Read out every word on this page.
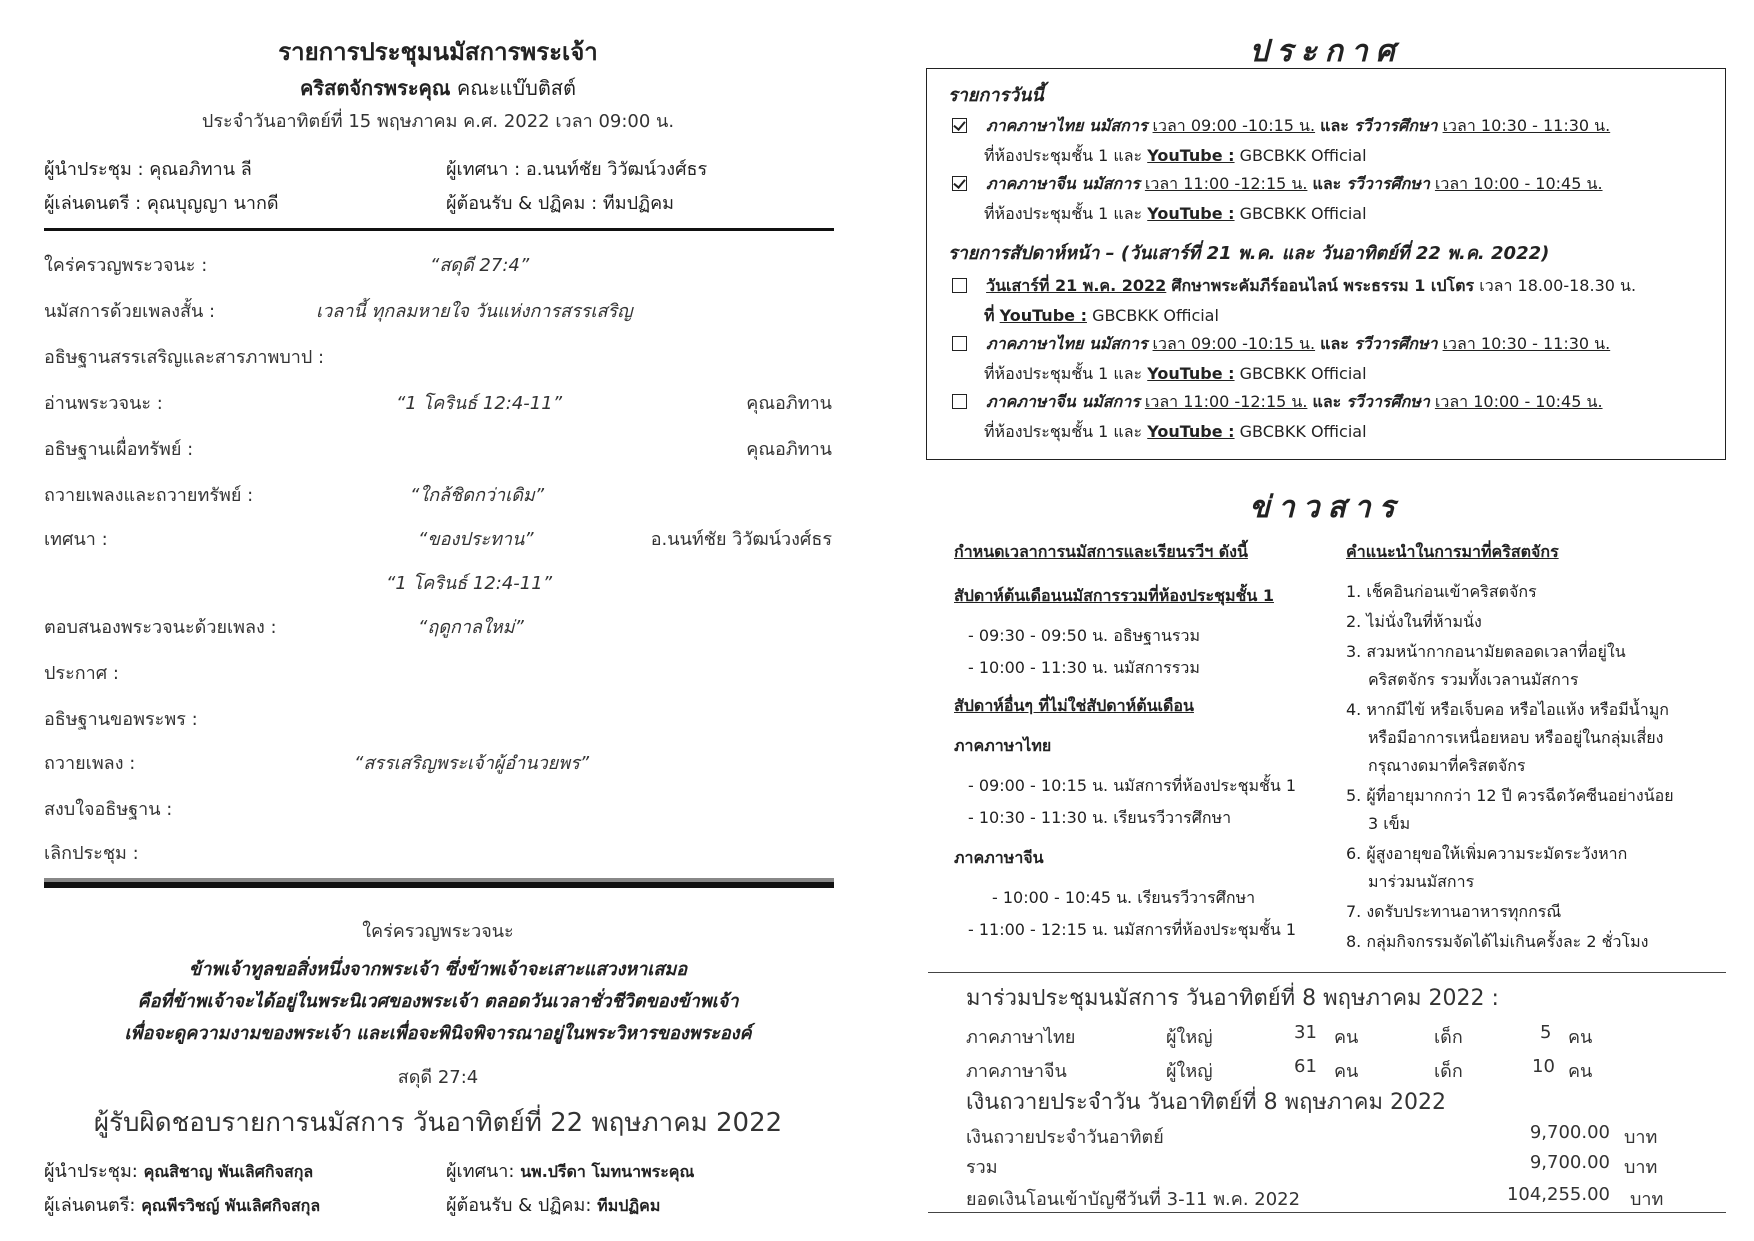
รายการประชุมนมัสการพระเจ้า
คริสตจักรพระคุณ คณะแบ๊บติสต์
ประจำวันอาทิตย์ที่ 15 พฤษภาคม ค.ศ. 2022 เวลา 09:00 น.
ผู้นำประชุม : คุณอภิทาน ลี	ผู้เทศนา : อ.นนท์ชัย วิวัฒน์วงศ์ธร
ผู้เล่นดนตรี : คุณบุญญา นากดี	ผู้ต้อนรับ & ปฏิคม : ทีมปฏิคม
ใคร่ครวญพระวจนะ :	“สดุดี 27:4”
นมัสการด้วยเพลงสั้น :	เวลานี้ ทุกลมหายใจ วันแห่งการสรรเสริญ
อธิษฐานสรรเสริญและสารภาพบาป :
อ่านพระวจนะ :	“1 โครินธ์ 12:4-11”	คุณอภิทาน
อธิษฐานเผื่อทรัพย์ :	คุณอภิทาน
ถวายเพลงและถวายทรัพย์ :	“ใกล้ชิดกว่าเดิม”
เทศนา :	“ของประทาน”	อ.นนท์ชัย วิวัฒน์วงศ์ธร
“1 โครินธ์ 12:4-11”
ตอบสนองพระวจนะด้วยเพลง :	“ฤดูกาลใหม่”
ประกาศ :
อธิษฐานขอพระพร :
ถวายเพลง :	“สรรเสริญพระเจ้าผู้อำนวยพร”
สงบใจอธิษฐาน :
เลิกประชุม :
ใคร่ครวญพระวจนะ
ข้าพเจ้าทูลขอสิ่งหนึ่งจากพระเจ้า ซึ่งข้าพเจ้าจะเสาะแสวงหาเสมอ
คือที่ข้าพเจ้าจะได้อยู่ในพระนิเวศของพระเจ้า ตลอดวันเวลาชั่วชีวิตของข้าพเจ้า
เพื่อจะดูความงามของพระเจ้า และเพื่อจะพินิจพิจารณาอยู่ในพระวิหารของพระองค์
สดุดี 27:4
ผู้รับผิดชอบรายการนมัสการ วันอาทิตย์ที่ 22 พฤษภาคม 2022
ผู้นำประชุม: คุณสิชาญ พันเลิศกิจสกุล	ผู้เทศนา: นพ.ปรีดา โมทนาพระคุณ
ผู้เล่นดนตรี: คุณพีรวิชญ์ พันเลิศกิจสกุล	ผู้ต้อนรับ & ปฏิคม: ทีมปฏิคม
ประกาศ
รายการวันนี้
ภาคภาษาไทย นมัสการ เวลา 09:00 -10:15 น. และ รวีวารศึกษา เวลา 10:30 - 11:30 น.
ที่ห้องประชุมชั้น 1 และ YouTube : GBCBKK Official
ภาคภาษาจีน นมัสการ เวลา 11:00 -12:15 น. และ รวีวารศึกษา เวลา 10:00 - 10:45 น.
ที่ห้องประชุมชั้น 1 และ YouTube : GBCBKK Official
รายการสัปดาห์หน้า – (วันเสาร์ที่ 21 พ.ค. และ วันอาทิตย์ที่ 22 พ.ค. 2022)
วันเสาร์ที่ 21 พ.ค. 2022 ศึกษาพระคัมภีร์ออนไลน์ พระธรรม 1 เปโตร เวลา 18.00-18.30 น.
ที่ YouTube : GBCBKK Official
ภาคภาษาไทย นมัสการ เวลา 09:00 -10:15 น. และ รวีวารศึกษา เวลา 10:30 - 11:30 น.
ที่ห้องประชุมชั้น 1 และ YouTube : GBCBKK Official
ภาคภาษาจีน นมัสการ เวลา 11:00 -12:15 น. และ รวีวารศึกษา เวลา 10:00 - 10:45 น.
ที่ห้องประชุมชั้น 1 และ YouTube : GBCBKK Official
ข่าวสาร
กำหนดเวลาการนมัสการและเรียนรวีฯ ดังนี้
สัปดาห์ต้นเดือนนมัสการรวมที่ห้องประชุมชั้น 1
- 09:30 - 09:50 น. อธิษฐานรวม
- 10:00 - 11:30 น. นมัสการรวม
สัปดาห์อื่นๆ ที่ไม่ใช่สัปดาห์ต้นเดือน
ภาคภาษาไทย
- 09:00 - 10:15 น. นมัสการที่ห้องประชุมชั้น 1
- 10:30 - 11:30 น. เรียนรวีวารศึกษา
ภาคภาษาจีน
- 10:00 - 10:45 น. เรียนรวีวารศึกษา
- 11:00 - 12:15 น. นมัสการที่ห้องประชุมชั้น 1
คำแนะนำในการมาที่คริสตจักร
1. เช็คอินก่อนเข้าคริสตจักร
2. ไม่นั่งในที่ห้ามนั่ง
3. สวมหน้ากากอนามัยตลอดเวลาที่อยู่ใน
คริสตจักร รวมทั้งเวลานมัสการ
4. หากมีไข้ หรือเจ็บคอ หรือไอแห้ง หรือมีน้ำมูก
หรือมีอาการเหนื่อยหอบ หรืออยู่ในกลุ่มเสี่ยง
กรุณางดมาที่คริสตจักร
5. ผู้ที่อายุมากกว่า 12 ปี ควรฉีดวัคซีนอย่างน้อย
3 เข็ม
6. ผู้สูงอายุขอให้เพิ่มความระมัดระวังหาก
มาร่วมนมัสการ
7. งดรับประทานอาหารทุกกรณี
8. กลุ่มกิจกรรมจัดได้ไม่เกินครั้งละ 2 ชั่วโมง
มาร่วมประชุมนมัสการ วันอาทิตย์ที่ 8 พฤษภาคม 2022 :
ภาคภาษาไทย	ผู้ใหญ่	31 คน	เด็ก	5 คน
ภาคภาษาจีน	ผู้ใหญ่	61 คน	เด็ก	10 คน
เงินถวายประจำวัน วันอาทิตย์ที่ 8 พฤษภาคม 2022
เงินถวายประจำวันอาทิตย์	9,700.00 บาท
รวม	9,700.00 บาท
ยอดเงินโอนเข้าบัญชีวันที่ 3-11 พ.ค. 2022	104,255.00 บาท
